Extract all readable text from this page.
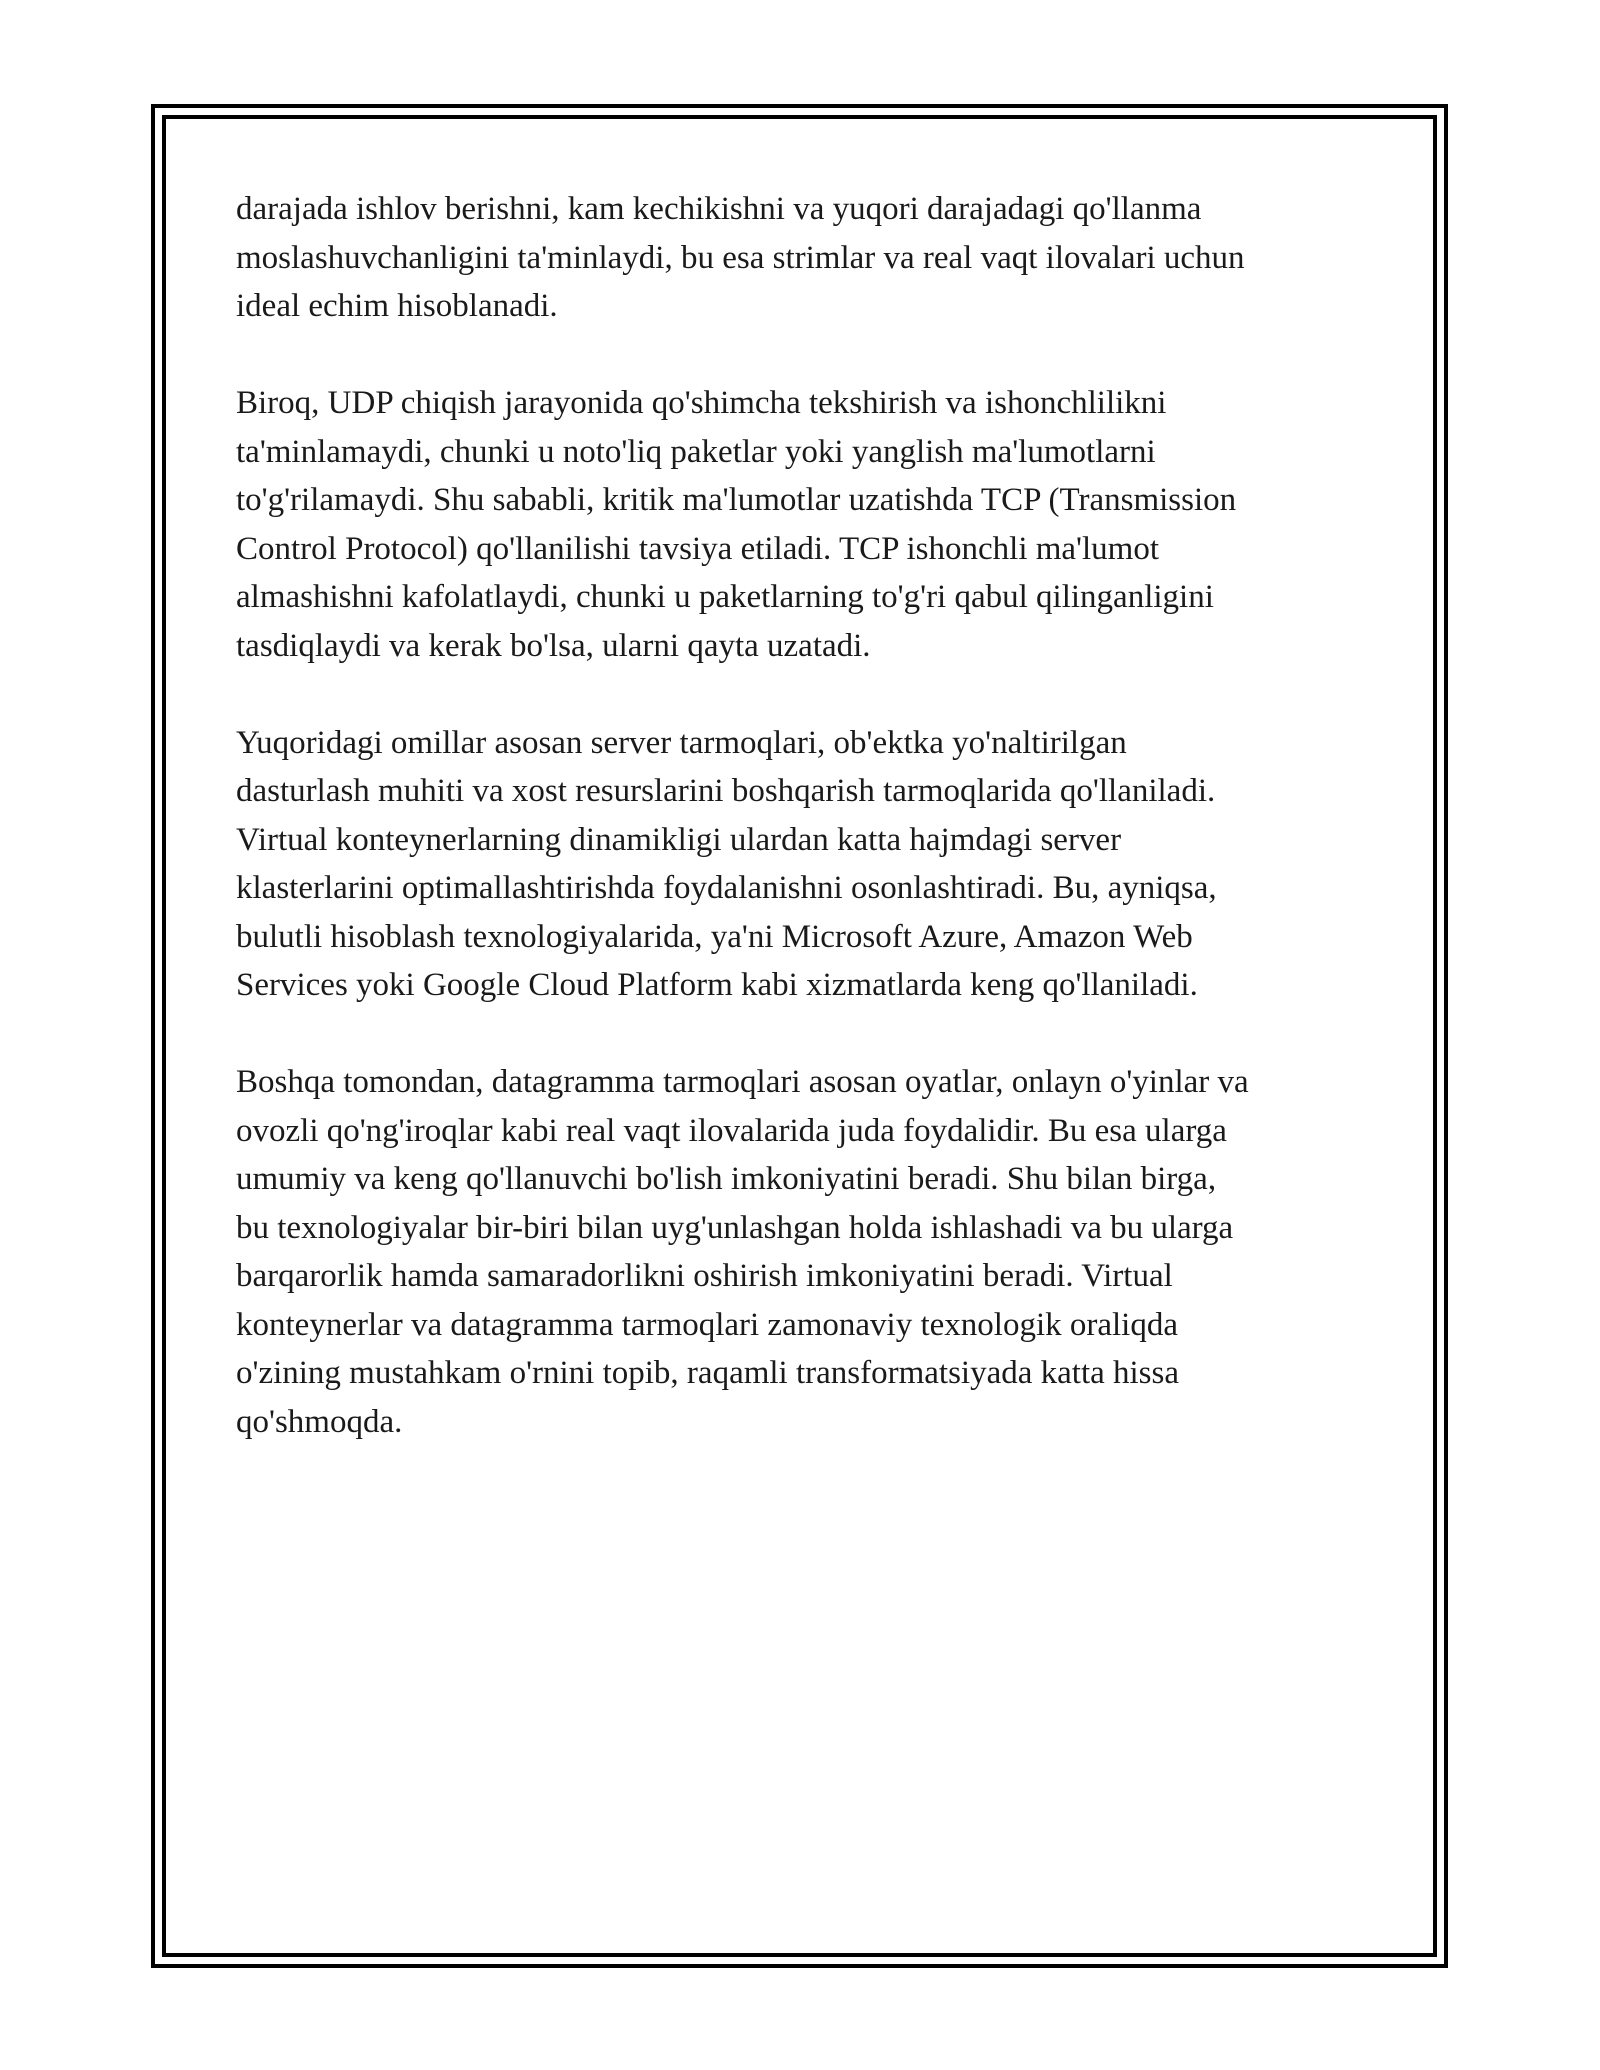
darajada ishlov berishni, kam kechikishni va yuqori darajadagi qo'llanma
moslashuvchanligini ta'minlaydi, bu esa strimlar va real vaqt ilovalari uchun
ideal echim hisoblanadi.

Biroq, UDP chiqish jarayonida qo'shimcha tekshirish va ishonchlilikni
ta'minlamaydi, chunki u noto'liq paketlar yoki yanglish ma'lumotlarni
to'g'rilamaydi. Shu sababli, kritik ma'lumotlar uzatishda TCP (Transmission
Control Protocol) qo'llanilishi tavsiya etiladi. TCP ishonchli ma'lumot
almashishni kafolatlaydi, chunki u paketlarning to'g'ri qabul qilinganligini
tasdiqlaydi va kerak bo'lsa, ularni qayta uzatadi.

Yuqoridagi omillar asosan server tarmoqlari, ob'ektka yo'naltirilgan
dasturlash muhiti va xost resurslarini boshqarish tarmoqlarida qo'llaniladi.
Virtual konteynerlarning dinamikligi ulardan katta hajmdagi server
klasterlarini optimallashtirishda foydalanishni osonlashtiradi. Bu, ayniqsa,
bulutli hisoblash texnologiyalarida, ya'ni Microsoft Azure, Amazon Web
Services yoki Google Cloud Platform kabi xizmatlarda keng qo'llaniladi.

Boshqa tomondan, datagramma tarmoqlari asosan oyatlar, onlayn o'yinlar va
ovozli qo'ng'iroqlar kabi real vaqt ilovalarida juda foydalidir. Bu esa ularga
umumiy va keng qo'llanuvchi bo'lish imkoniyatini beradi. Shu bilan birga,
bu texnologiyalar bir-biri bilan uyg'unlashgan holda ishlashadi va bu ularga
barqarorlik hamda samaradorlikni oshirish imkoniyatini beradi. Virtual
konteynerlar va datagramma tarmoqlari zamonaviy texnologik oraliqda
o'zining mustahkam o'rnini topib, raqamli transformatsiyada katta hissa
qo'shmoqda.
